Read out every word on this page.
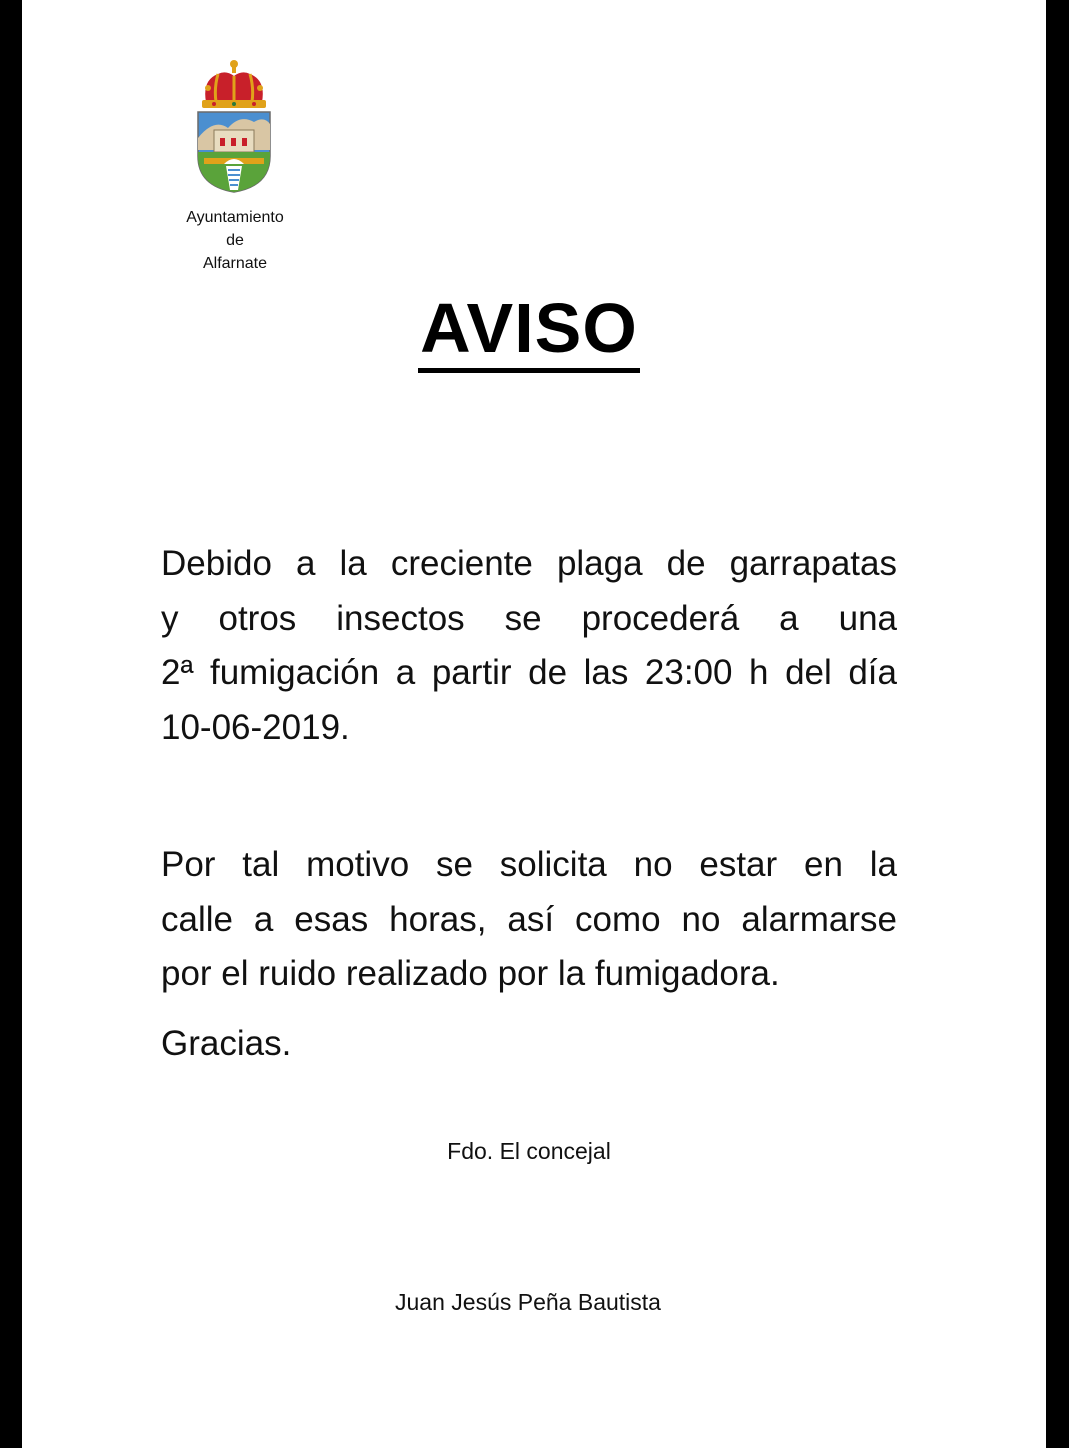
Ayuntamiento
de
Alfarnate
AVISO
Debido a la creciente plaga de garrapatas
y otros insectos se procederá a una
2ª fumigación a partir de las 23:00 h del día
10-06-2019.
Por tal motivo se solicita no estar en la
calle a esas horas, así como no alarmarse
por el ruido realizado por la fumigadora.
Gracias.
Fdo. El concejal
Juan Jesús Peña Bautista
